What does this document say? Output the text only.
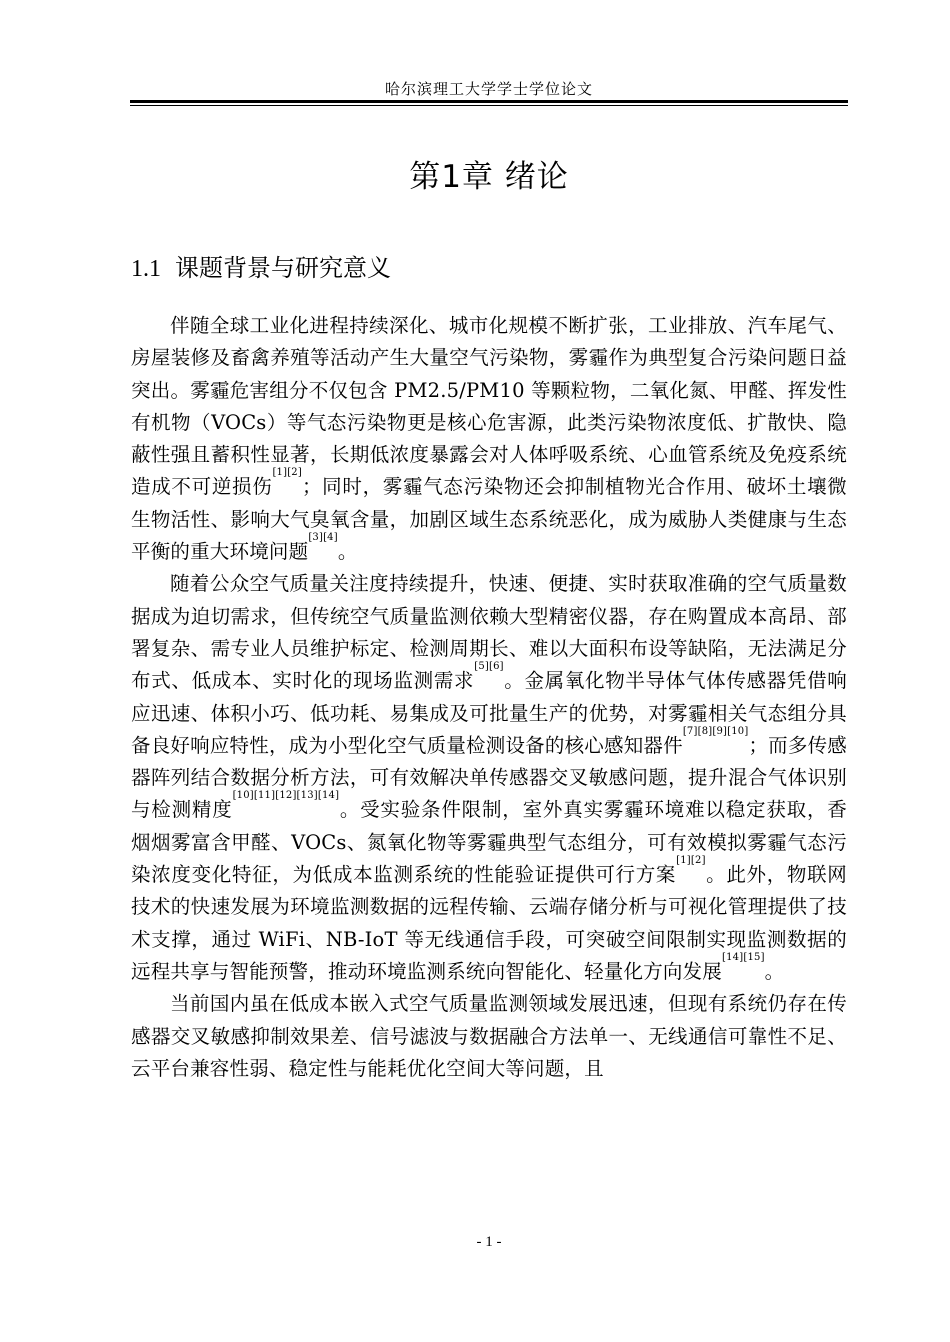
哈尔滨理工大学学士学位论文
第1章 绪论
1.1 课题背景与研究意义

伴随全球工业化进程持续深化、城市化规模不断扩张，工业排放、汽车尾气、房屋装修及畜禽养殖等活动产生大量空气污染物，雾霾作为典型复合污染问题日益突出。雾霾危害组分不仅包含 PM2.5/PM10 等颗粒物，二氧化氮、甲醛、挥发性有机物（VOCs）等气态污染物更是核心危害源，此类污染物浓度低、扩散快、隐蔽性强且蓄积性显著，长期低浓度暴露会对人体呼吸系统、心血管系统及免疫系统造成不可逆损伤[1][2]；同时，雾霾气态污染物还会抑制植物光合作用、破坏土壤微生物活性、影响大气臭氧含量，加剧区域生态系统恶化，成为威胁人类健康与生态平衡的重大环境问题[3][4]。

随着公众空气质量关注度持续提升，快速、便捷、实时获取准确的空气质量数据成为迫切需求，但传统空气质量监测依赖大型精密仪器，存在购置成本高昂、部署复杂、需专业人员维护标定、检测周期长、难以大面积布设等缺陷，无法满足分布式、低成本、实时化的现场监测需求[5][6]。金属氧化物半导体气体传感器凭借响应迅速、体积小巧、低功耗、易集成及可批量生产的优势，对雾霾相关气态组分具备良好响应特性，成为小型化空气质量检测设备的核心感知器件[7][8][9][10]；而多传感器阵列结合数据分析方法，可有效解决单传感器交叉敏感问题，提升混合气体识别与检测精度[10][11][12][13][14]。受实验条件限制，室外真实雾霾环境难以稳定获取，香烟烟雾富含甲醛、VOCs、氮氧化物等雾霾典型气态组分，可有效模拟雾霾气态污染浓度变化特征，为低成本监测系统的性能验证提供可行方案[1][2]。此外，物联网技术的快速发展为环境监测数据的远程传输、云端存储分析与可视化管理提供了技术支撑，通过 WiFi、NB-IoT 等无线通信手段，可突破空间限制实现监测数据的远程共享与智能预警，推动环境监测系统向智能化、轻量化方向发展[14][15]。

当前国内虽在低成本嵌入式空气质量监测领域发展迅速，但现有系统仍存在传感器交叉敏感抑制效果差、信号滤波与数据融合方法单一、无线通信可靠性不足、云平台兼容性弱、稳定性与能耗优化空间大等问题，且

- 1 -
